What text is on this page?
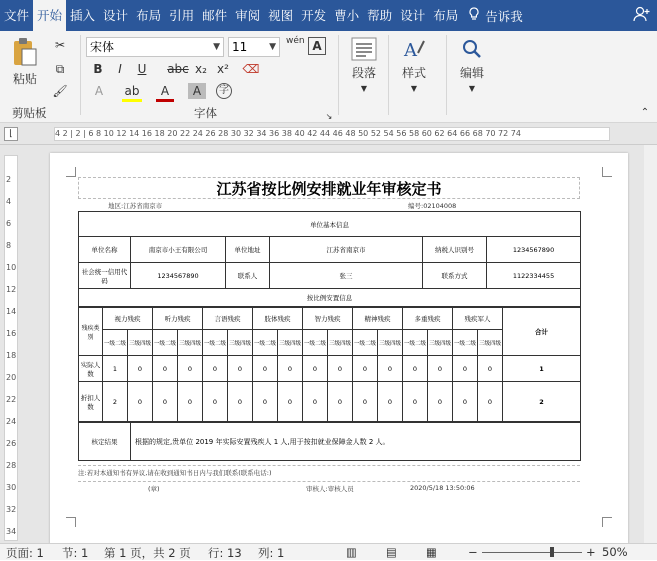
文件 开始 插入 设计 布局 引用 邮件 审阅 视图 开发 曹小 帮助 设计 布局	告诉我
粘贴
✂
⧉
🖌
剪贴板
宋体	▼	11 ▼
wén A
B	I	U	abc x₂ x² ⌫
A	ab	A	A	字
字体	↘
段落
▼
A
样式
▼
编辑
▼
⌃
⌊	4 2 | 2 | 6 8 10 12 14 16 18 20 22 24 26 28 30 32 34 36 38 40 42 44 46 48 50 52 54 56 58 60 62 64 66 68 70 72 74
2
4
6
8
10
12
14
16
18
20
22
24
26
28
30
32
34
江苏省按比例安排就业年审核定书
地区:江苏省南京市	编号:02104008
单位基本信息					
单位名称	南京市小王有限公司	单位地址	江苏省南京市	纳税人识别号	1234567890
社会统一信用代码	1234567890	联系人	张三	联系方式	1122334455
按比例安置信息					
残疾类别	视力残疾		听力残疾		言语残疾		肢体残疾		智力残疾		精神残疾		多重残疾		残疾军人		合计
	一级二级	三级四级	一级二级	三级四级	一级二级	三级四级	一级二级	三级四级	一级二级	三级四级	一级二级	三级四级	一级二级	三级四级	一级二级	三级四级	
实际人数	1	0	0	0	0	0	0	0	0	0	0	0	0	0	0	0	1
折扣人数	2	0	0	0	0	0	0	0	0	0	0	0	0	0	0	0	2
核定结果	根据的规定,贵单位 2019 年实际安置残疾人 1 人,用于按扣就业保障金人数 2 人。
注:若对本通知书有异议,请在收到通知书日内与我们联系(联系电话:)
(章)	审核人:审核人员	2020/5/18 13:50:06
页面: 1 节: 1 第 1 页，共 2 页 行: 13 列: 1	▥	▤	▦	−	+ 50%
